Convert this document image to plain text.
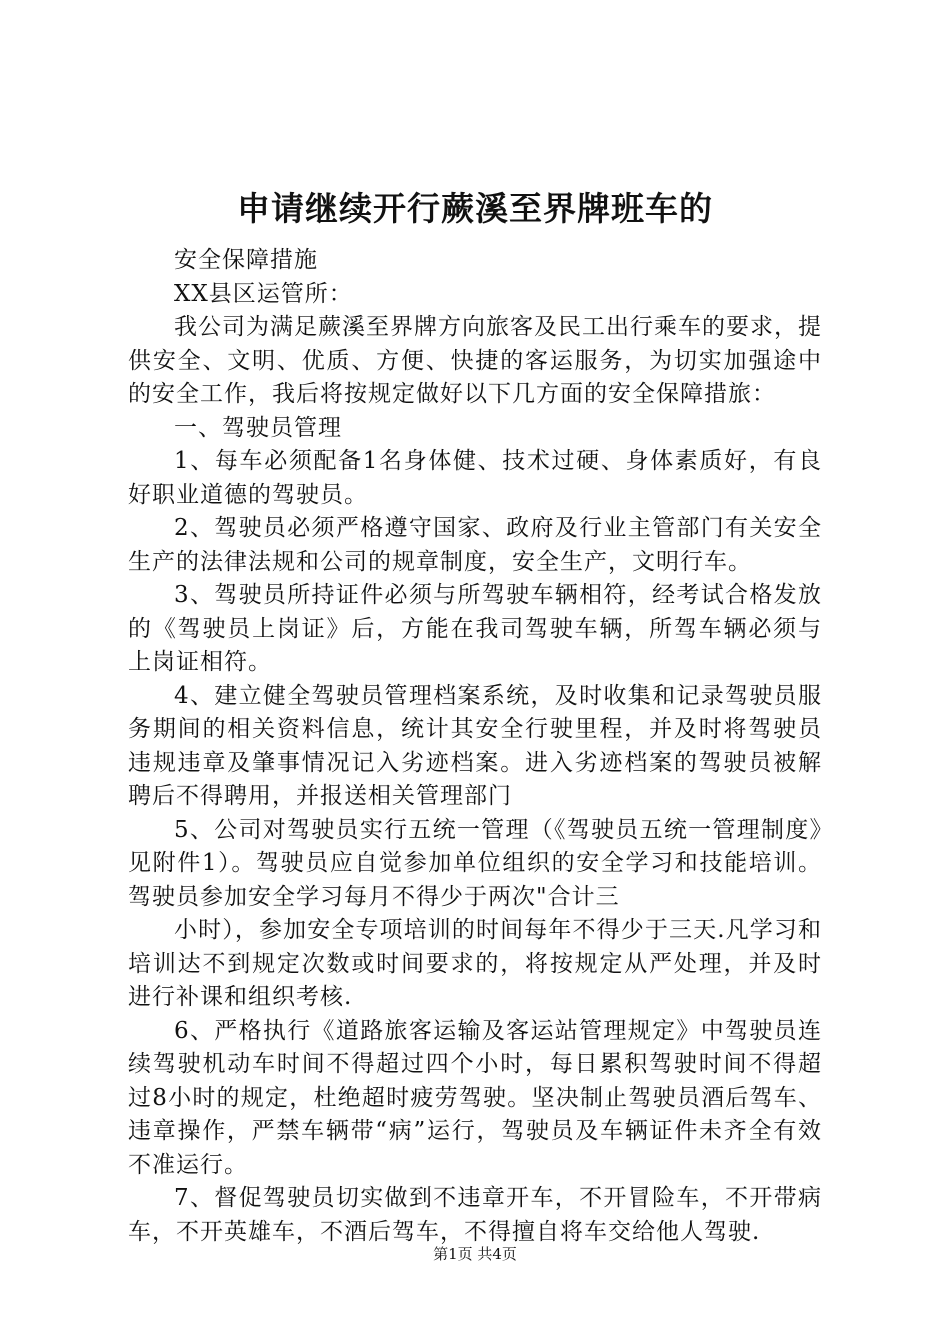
申请继续开行蕨溪至界牌班车的

安全保障措施

XX县区运管所：

我公司为满足蕨溪至界牌方向旅客及民工出行乘车的要求，提供安全、文明、优质、方便、快捷的客运服务，为切实加强途中的安全工作，我后将按规定做好以下几方面的安全保障措旅：

一、驾驶员管理

1、每车必须配备1名身体健、技术过硬、身体素质好，有良好职业道德的驾驶员。

2、驾驶员必须严格遵守国家、政府及行业主管部门有关安全生产的法律法规和公司的规章制度，安全生产，文明行车。

3、驾驶员所持证件必须与所驾驶车辆相符，经考试合格发放的《驾驶员上岗证》后，方能在我司驾驶车辆，所驾车辆必须与上岗证相符。

4、建立健全驾驶员管理档案系统，及时收集和记录驾驶员服务期间的相关资料信息，统计其安全行驶里程，并及时将驾驶员违规违章及肇事情况记入劣迹档案。进入劣迹档案的驾驶员被解聘后不得聘用，并报送相关管理部门

5、公司对驾驶员实行五统一管理（《驾驶员五统一管理制度》见附件1）。驾驶员应自觉参加单位组织的安全学习和技能培训。驾驶员参加安全学习每月不得少于两次"合计三

小时），参加安全专项培训的时间每年不得少于三天.凡学习和培训达不到规定次数或时间要求的，将按规定从严处理，并及时进行补课和组织考核.

6、严格执行《道路旅客运输及客运站管理规定》中驾驶员连续驾驶机动车时间不得超过四个小时，每日累积驾驶时间不得超过8小时的规定，杜绝超时疲劳驾驶。坚决制止驾驶员酒后驾车、违章操作，严禁车辆带“病”运行，驾驶员及车辆证件未齐全有效不准运行。

7、督促驾驶员切实做到不违章开车，不开冒险车，不开带病车，不开英雄车，不酒后驾车，不得擅自将车交给他人驾驶.

第1页 共4页
